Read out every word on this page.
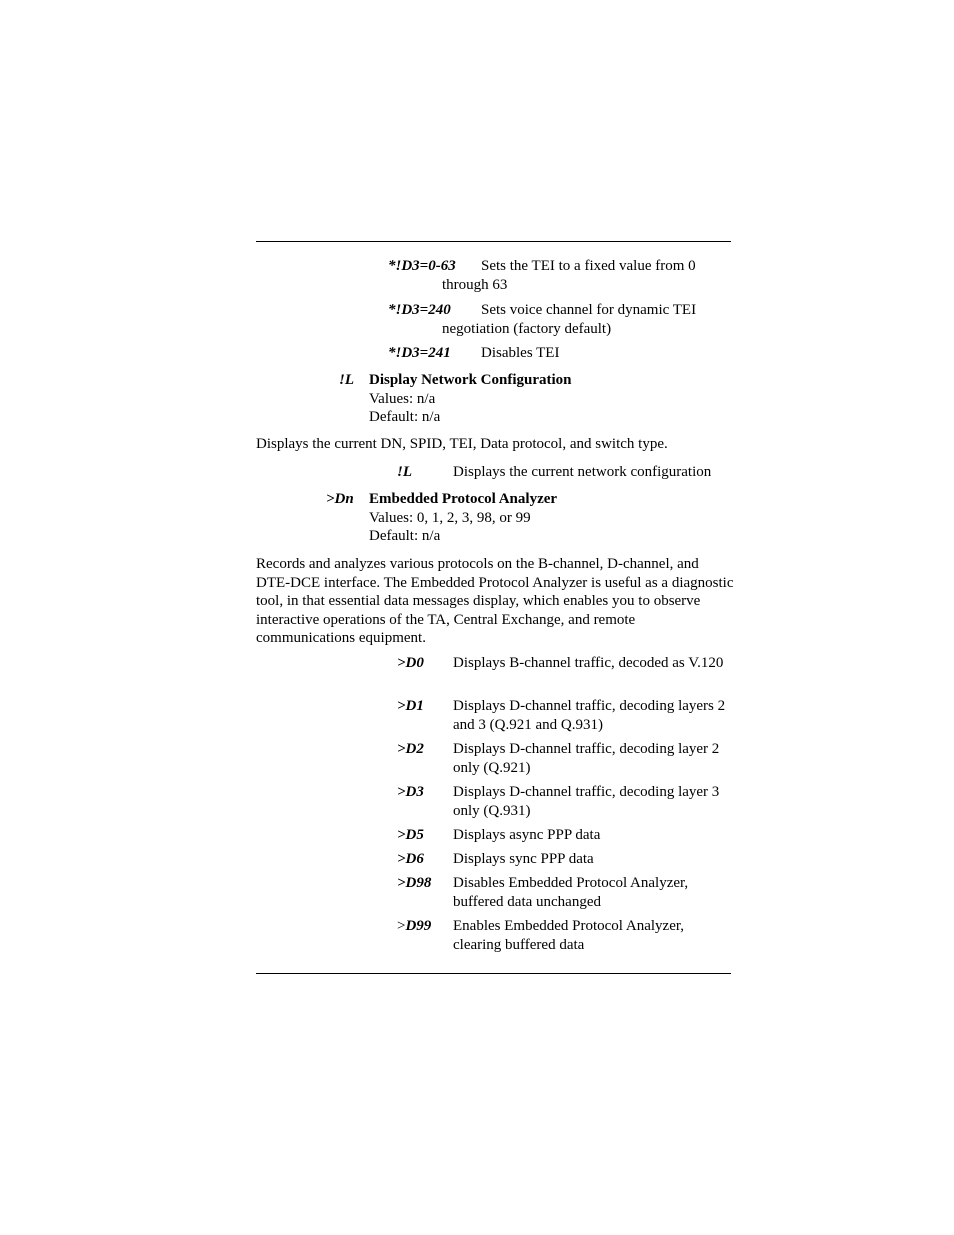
*!D3=0-63	Sets the TEI to a fixed value from 0 through 63
*!D3=240	Sets voice channel for dynamic TEI negotiation (factory default)
*!D3=241	Disables TEI
!L Display Network Configuration
Values: n/a
Default: n/a
Displays the current DN, SPID, TEI, Data protocol, and switch type.
!L	Displays the current network configuration
>Dn Embedded Protocol Analyzer
Values: 0, 1, 2, 3, 98, or 99
Default: n/a
Records and analyzes various protocols on the B-channel, D-channel, and DTE-DCE interface. The Embedded Protocol Analyzer is useful as a diagnostic tool, in that essential data messages display, which enables you to observe interactive operations of the TA, Central Exchange, and remote communications equipment.
>D0 Displays B-channel traffic, decoded as V.120
>D1 Displays D-channel traffic, decoding layers 2 and 3 (Q.921 and Q.931)
>D2 Displays D-channel traffic, decoding layer 2 only (Q.921)
>D3 Displays D-channel traffic, decoding layer 3 only (Q.931)
>D5 Displays async PPP data
>D6 Displays sync PPP data
>D98 Disables Embedded Protocol Analyzer, buffered data unchanged
>D99 Enables Embedded Protocol Analyzer, clearing buffered data
